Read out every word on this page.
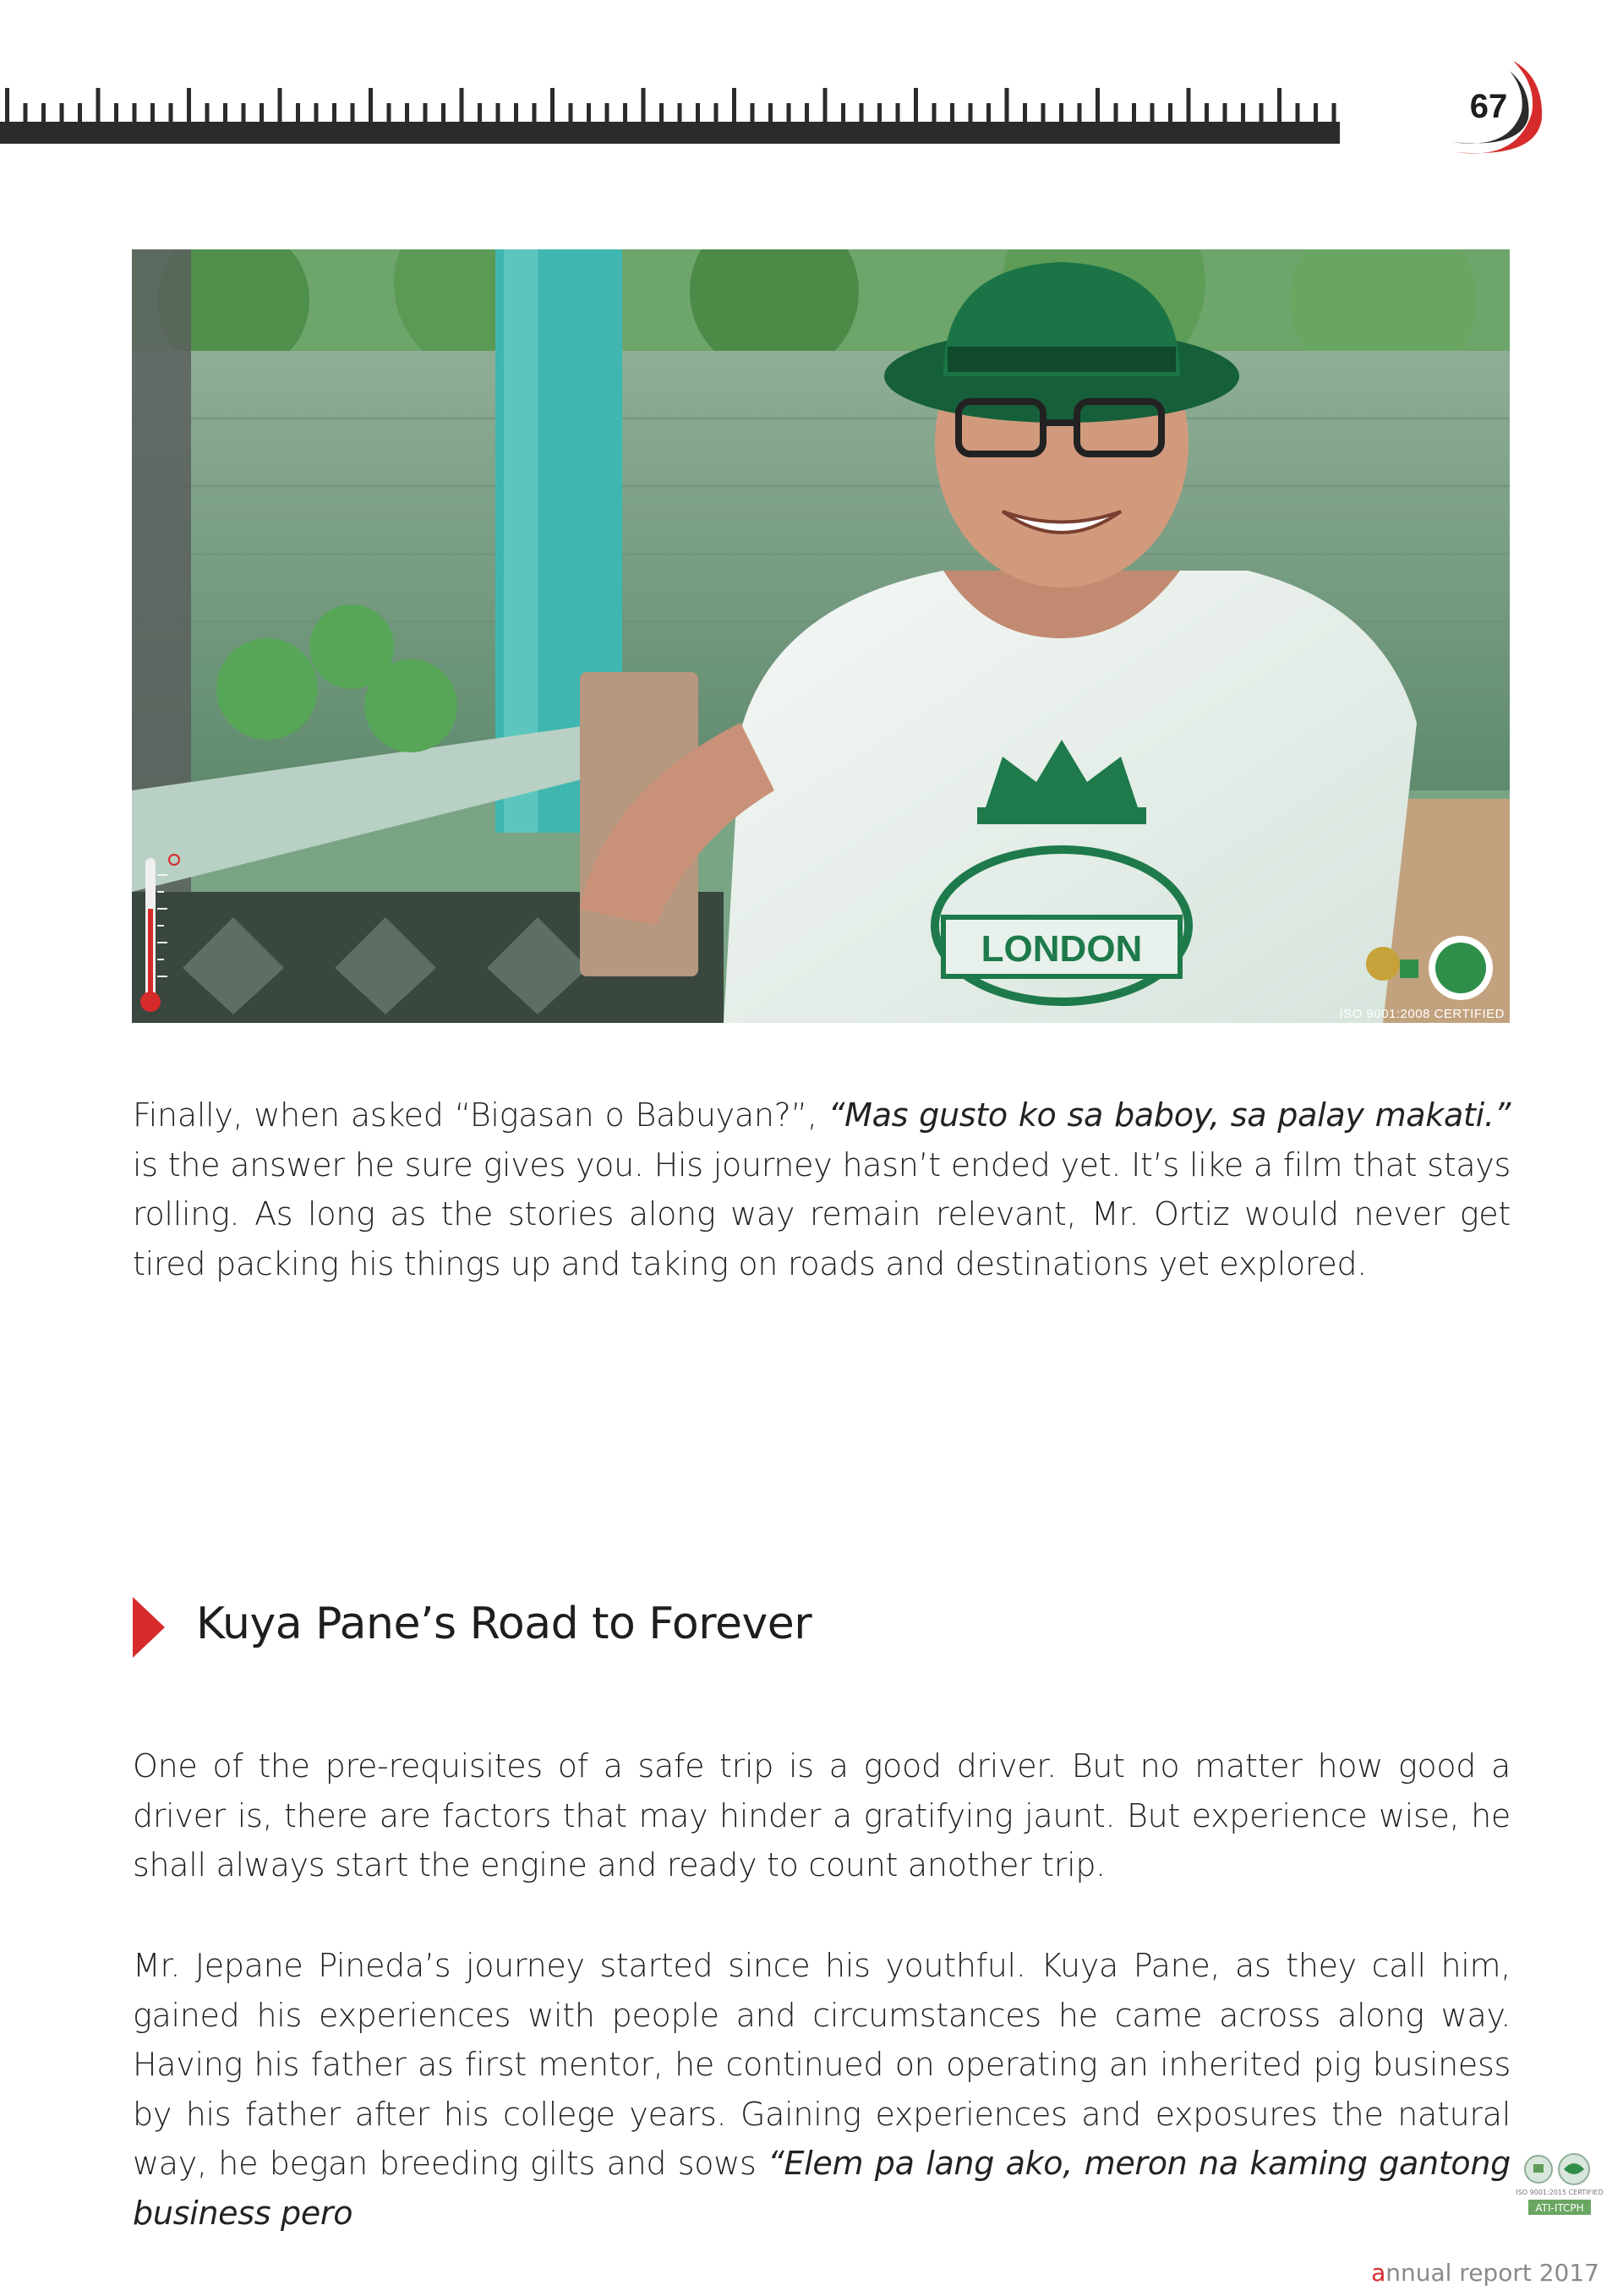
67
LONDON
ISO 9001:2008 CERTIFIED
Finally, when asked “Bigasan o Babuyan?”, “Mas gusto ko sa baboy, sa palay makati.” is the answer he sure gives you. His journey hasn’t ended yet. It’s like a film that stays rolling. As long as the stories along way remain relevant, Mr. Ortiz would never get tired packing his things up and taking on roads and destinations yet explored.
Kuya Pane’s Road to Forever
One of the pre-requisites of a safe trip is a good driver. But no matter how good a driver is, there are factors that may hinder a gratifying jaunt. But experience wise, he shall always start the engine and ready to count another trip.
Mr. Jepane Pineda’s journey started since his youthful. Kuya Pane, as they call him, gained his experiences with people and circumstances he came across along way. Having his father as first mentor, he continued on operating an inherited pig business by his father after his college years. Gaining experiences and exposures the natural way, he began breeding gilts and sows “Elem pa lang ako, meron na kaming gantong business pero
ISO 9001:2015 CERTIFIED
ATI-ITCPH
annual report 2017
